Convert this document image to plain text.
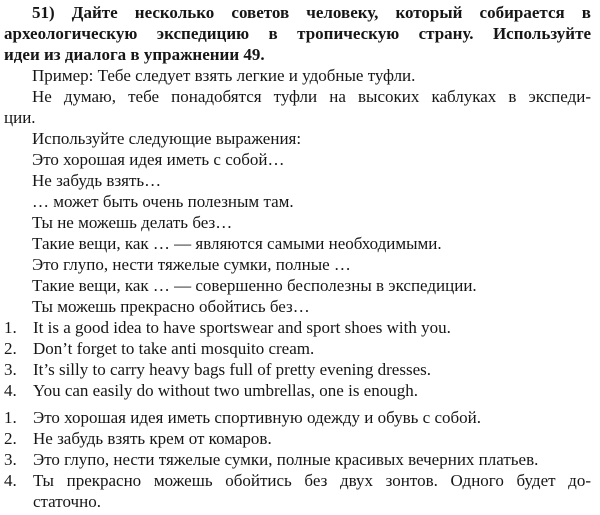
51) Дайте несколько советов человеку, который собирается в
археологическую экспедицию в тропическую страну. Используйте
идеи из диалога в упражнении 49.
Пример: Тебе следует взять легкие и удобные туфли.
Не думаю, тебе понадобятся туфли на высоких каблуках в экспеди-
ции.
Используйте следующие выражения:
Это хорошая идея иметь с собой…
Не забудь взять…
… может быть очень полезным там.
Ты не можешь делать без…
Такие вещи, как … — являются самыми необходимыми.
Это глупо, нести тяжелые сумки, полные …
Такие вещи, как … — совершенно бесполезны в экспедиции.
Ты можешь прекрасно обойтись без…
1. It is a good idea to have sportswear and sport shoes with you.
2. Don’t forget to take anti mosquito cream.
3. It’s silly to carry heavy bags full of pretty evening dresses.
4. You can easily do without two umbrellas, one is enough.
1. Это хорошая идея иметь спортивную одежду и обувь с собой.
2. Не забудь взять крем от комаров.
3. Это глупо, нести тяжелые сумки, полные красивых вечерних платьев.
4. Ты прекрасно можешь обойтись без двух зонтов. Одного будет до-
статочно.
